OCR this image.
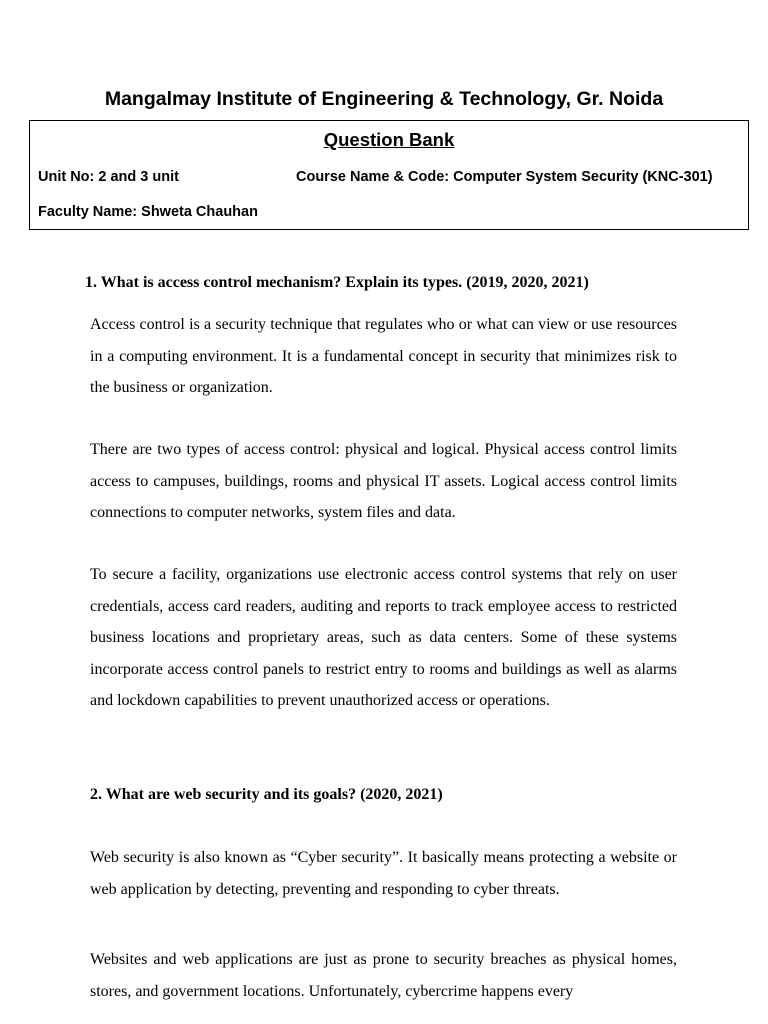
Mangalmay Institute of Engineering & Technology, Gr. Noida
Question Bank
Unit No: 2 and 3 unit	Course Name & Code: Computer System Security (KNC-301)
Faculty Name: Shweta Chauhan
1. What is access control mechanism? Explain its types. (2019, 2020, 2021)
Access control is a security technique that regulates who or what can view or use resources in a computing environment. It is a fundamental concept in security that minimizes risk to the business or organization.
There are two types of access control: physical and logical. Physical access control limits access to campuses, buildings, rooms and physical IT assets. Logical access control limits connections to computer networks, system files and data.
To secure a facility, organizations use electronic access control systems that rely on user credentials, access card readers, auditing and reports to track employee access to restricted business locations and proprietary areas, such as data centers. Some of these systems incorporate access control panels to restrict entry to rooms and buildings as well as alarms and lockdown capabilities to prevent unauthorized access or operations.
2. What are web security and its goals? (2020, 2021)
Web security is also known as “Cyber security”. It basically means protecting a website or web application by detecting, preventing and responding to cyber threats.
Websites and web applications are just as prone to security breaches as physical homes, stores, and government locations. Unfortunately, cybercrime happens every
